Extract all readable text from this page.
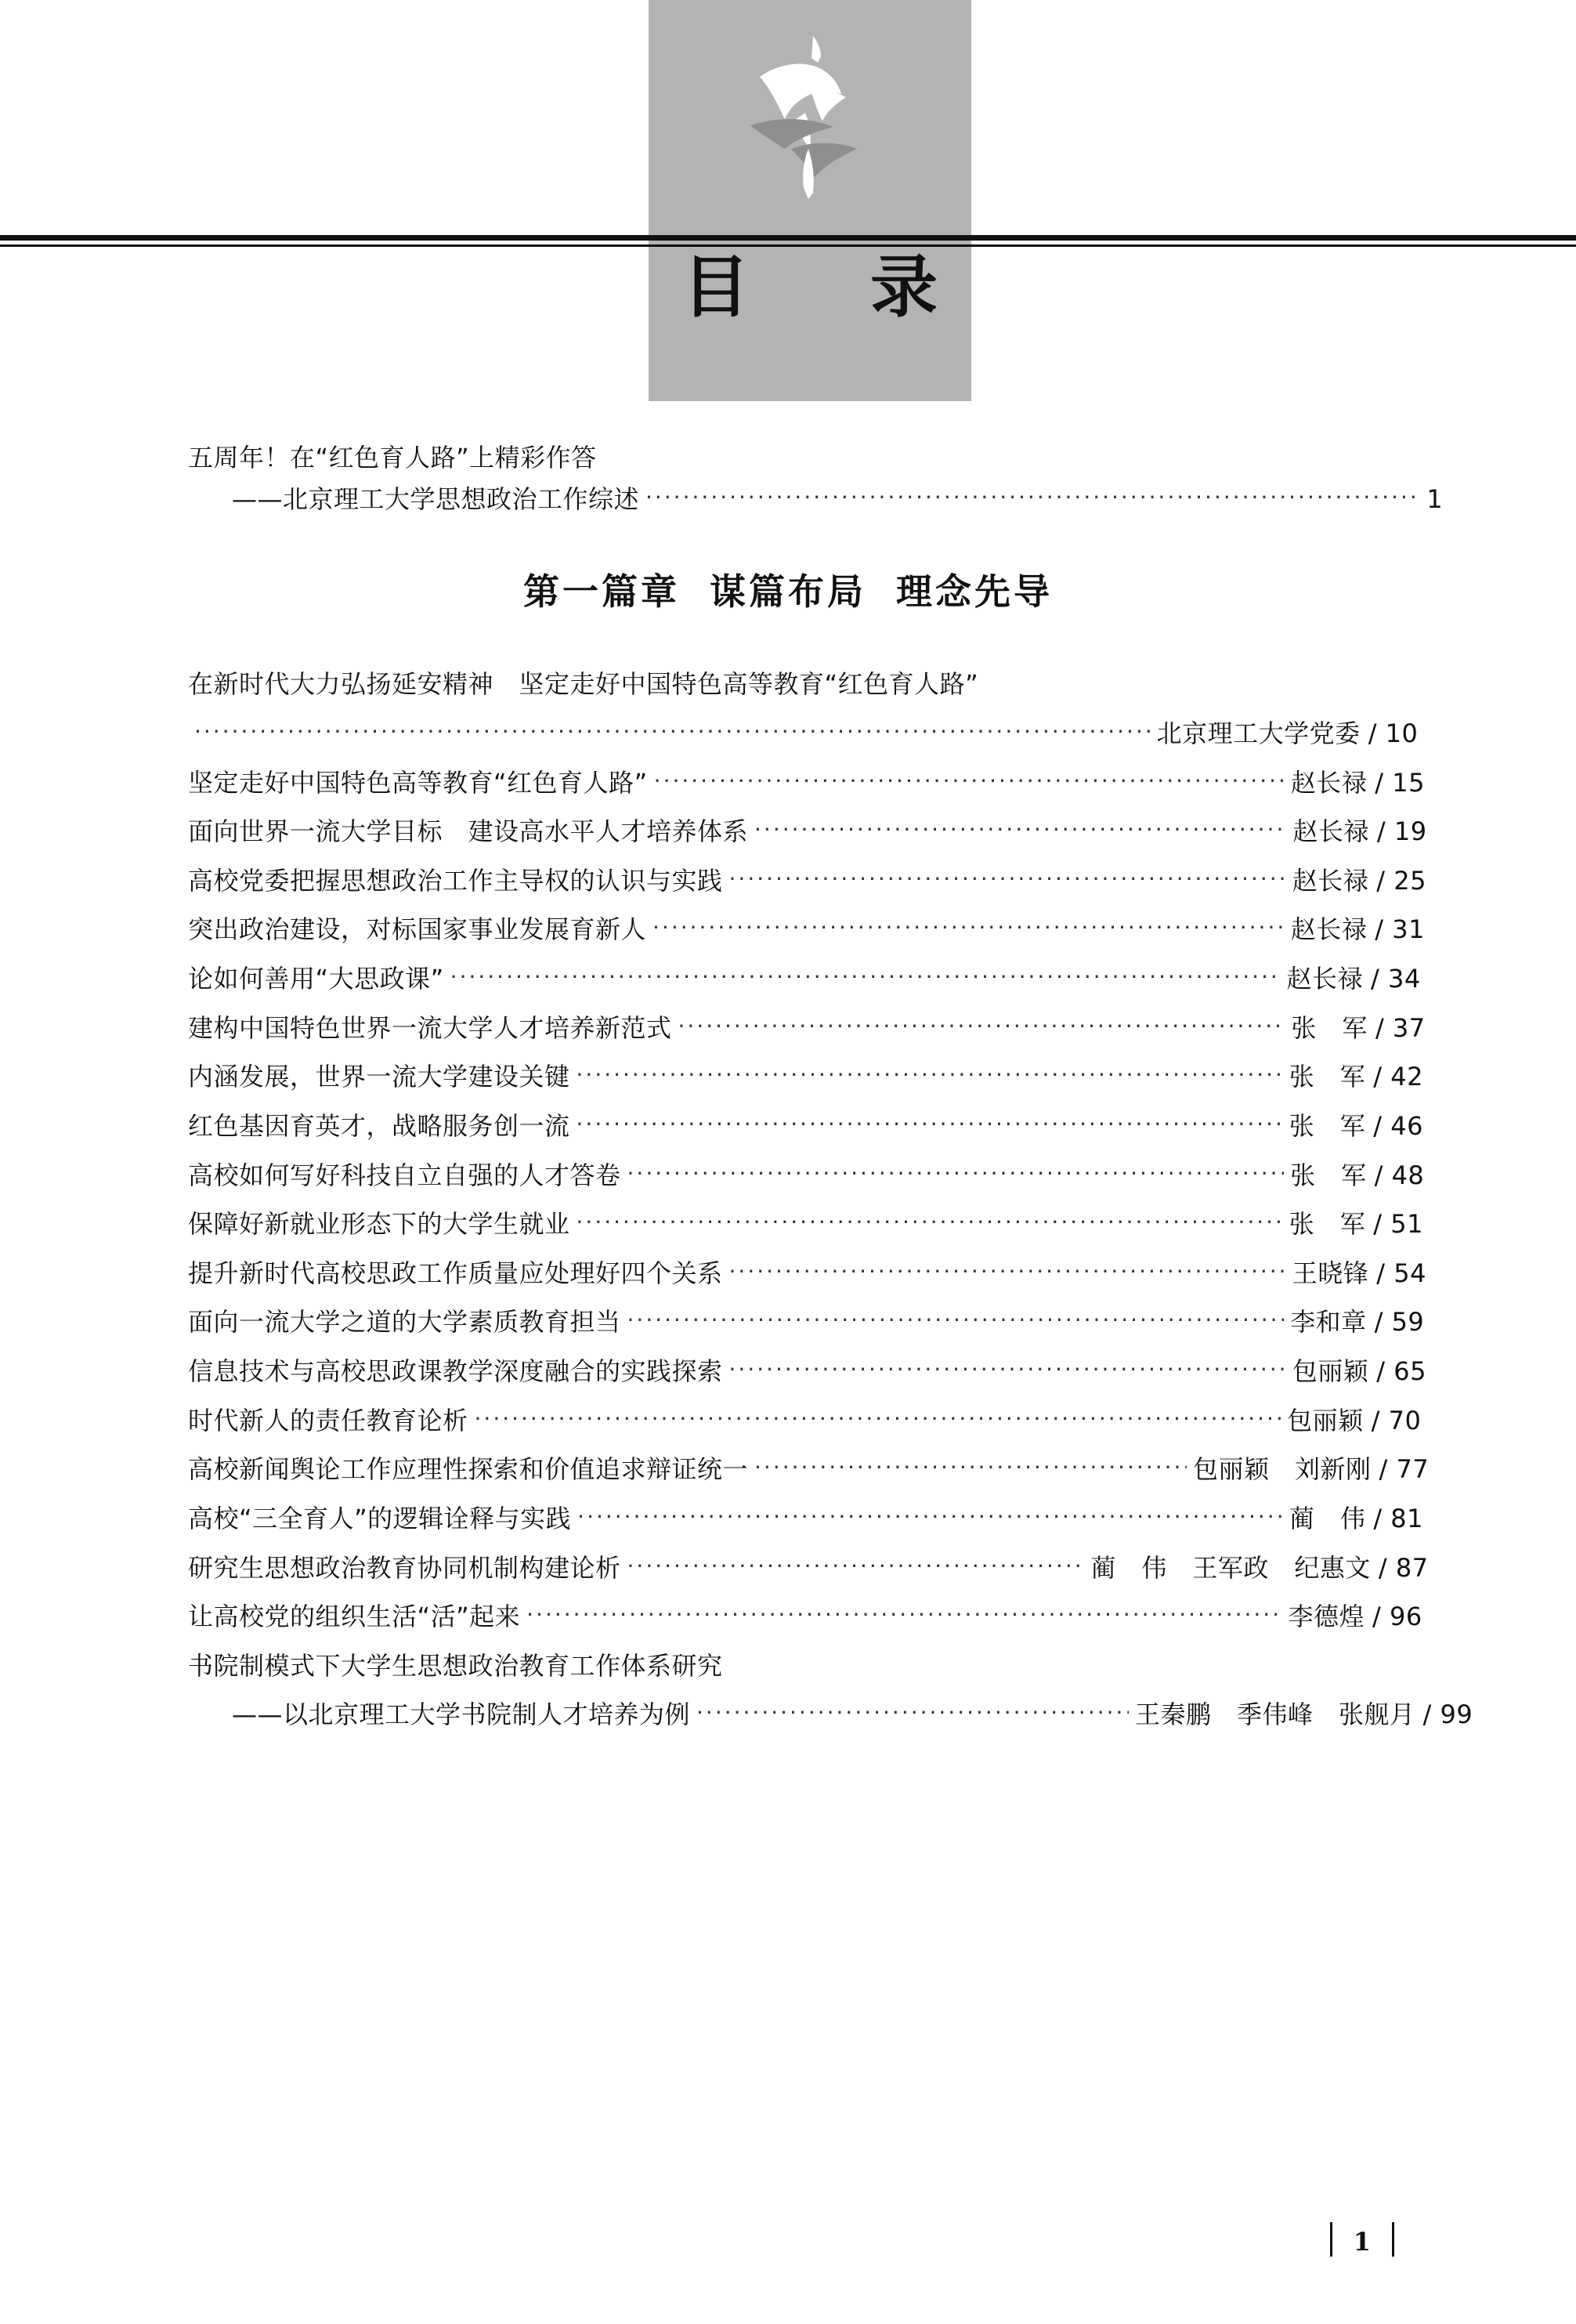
目　录
五周年！在“红色育人路”上精彩作答
——北京理工大学思想政治工作综述 ·····	1
第一篇章 谋篇布局 理念先导
在新时代大力弘扬延安精神　坚定走好中国特色高等教育“红色育人路”
·····
北京理工大学党委 / 10
坚定走好中国特色高等教育“红色育人路” ·····	赵长禄 / 15
面向世界一流大学目标　建设高水平人才培养体系 ·····	赵长禄 / 19
高校党委把握思想政治工作主导权的认识与实践 ·····	赵长禄 / 25
突出政治建设，对标国家事业发展育新人 ·····	赵长禄 / 31
论如何善用“大思政课” ·····	赵长禄 / 34
建构中国特色世界一流大学人才培养新范式 ·····	张　军 / 37
内涵发展，世界一流大学建设关键 ·····	张　军 / 42
红色基因育英才，战略服务创一流 ·····	张　军 / 46
高校如何写好科技自立自强的人才答卷 ·····	张　军 / 48
保障好新就业形态下的大学生就业 ·····	张　军 / 51
提升新时代高校思政工作质量应处理好四个关系 ·····	王晓锋 / 54
面向一流大学之道的大学素质教育担当 ·····	李和章 / 59
信息技术与高校思政课教学深度融合的实践探索 ·····	包丽颖 / 65
时代新人的责任教育论析 ·····	包丽颖 / 70
高校新闻舆论工作应理性探索和价值追求辩证统一 ·····	包丽颖　刘新刚 / 77
高校“三全育人”的逻辑诠释与实践 ·····	蔺　伟 / 81
研究生思想政治教育协同机制构建论析 ·····	蔺　伟　王军政　纪惠文 / 87
让高校党的组织生活“活”起来 ·····	李德煌 / 96
书院制模式下大学生思想政治教育工作体系研究
——以北京理工大学书院制人才培养为例 ·····	王秦鹏　季伟峰　张舰月 / 99
1
